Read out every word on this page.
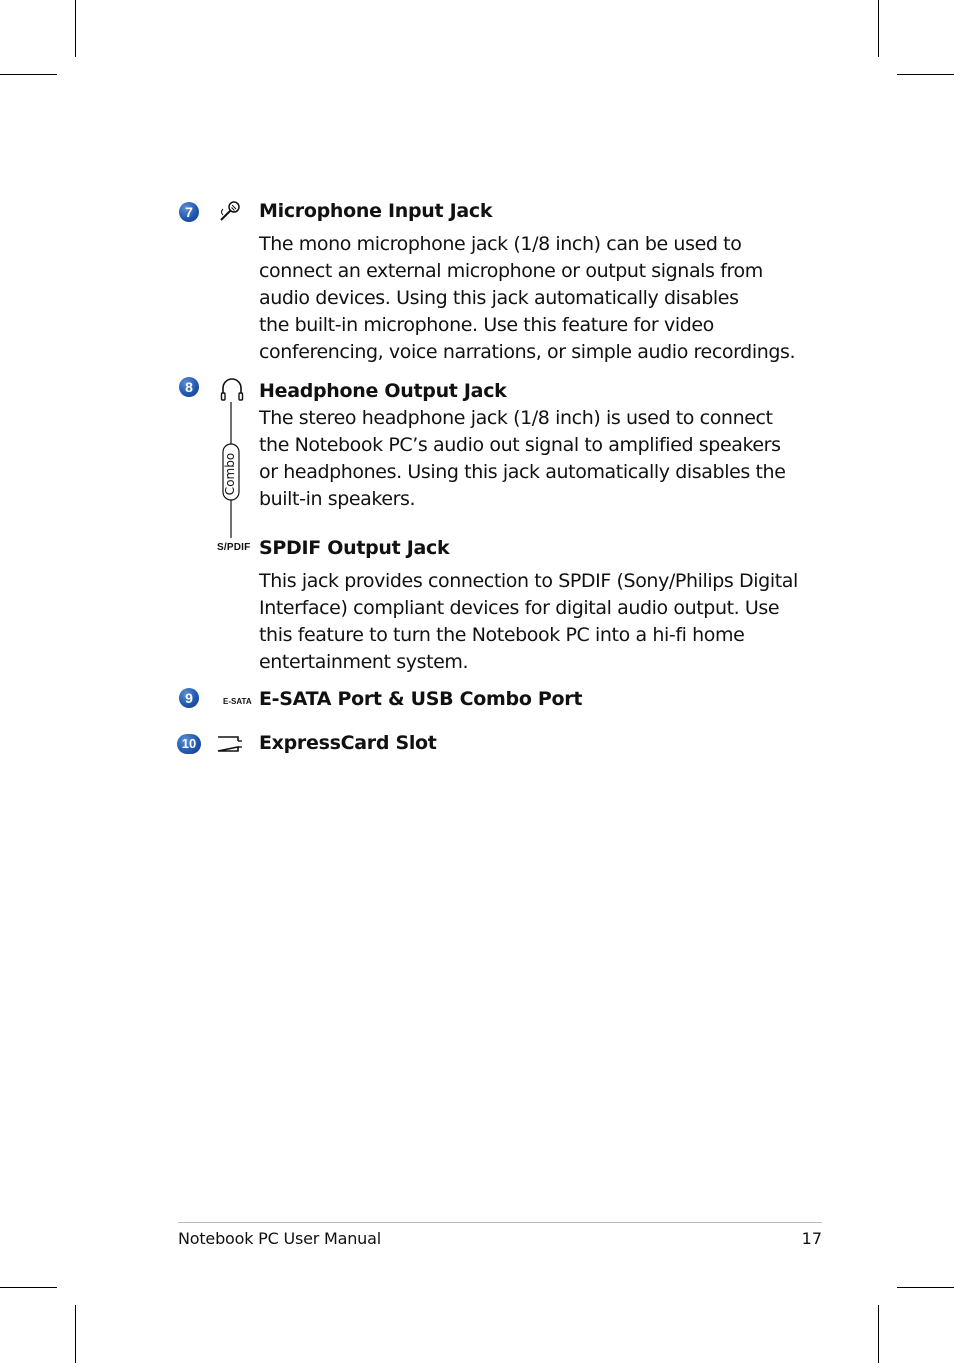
7	Microphone Input Jack
The mono microphone jack (1/8 inch) can be used to
connect an external microphone or output signals from
audio devices. Using this jack automatically disables
the built-in microphone. Use this feature for video
conferencing, voice narrations, or simple audio recordings.
8
Combo
Headphone Output Jack
The stereo headphone jack (1/8 inch) is used to connect
the Notebook PC’s audio out signal to amplified speakers
or headphones. Using this jack automatically disables the
built-in speakers.
S/PDIF SPDIF Output Jack
This jack provides connection to SPDIF (Sony/Philips Digital
Interface) compliant devices for digital audio output. Use
this feature to turn the Notebook PC into a hi-fi home
entertainment system.
9	E-SATA E-SATA Port & USB Combo Port
10	ExpressCard Slot
Notebook PC User Manual	17
